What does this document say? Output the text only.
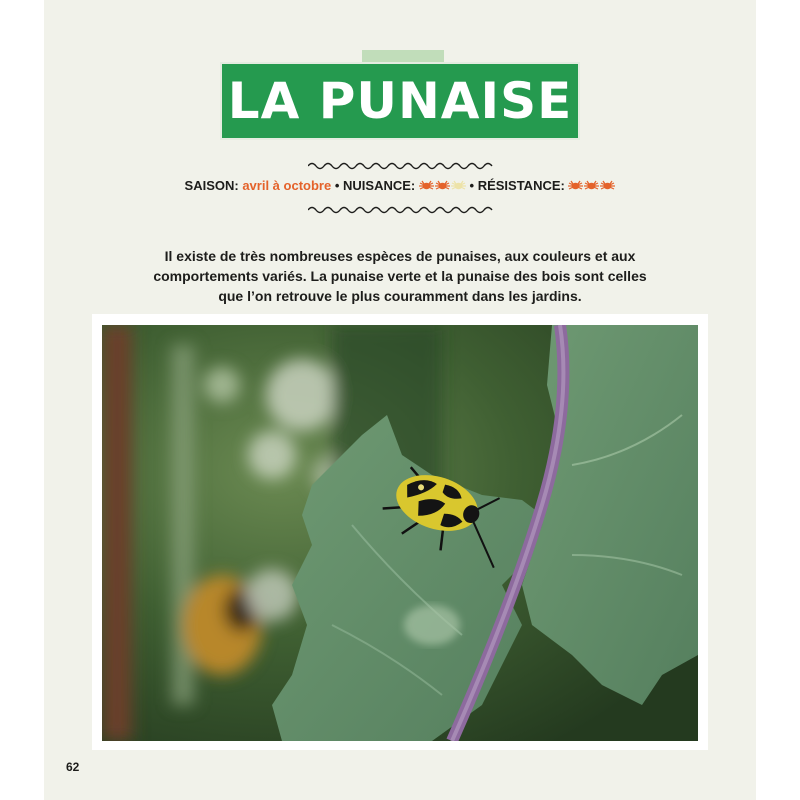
LA PUNAISE
SAISON: avril à octobre • NUISANCE:	• RÉSISTANCE:

Il existe de très nombreuses espèces de punaises, aux couleurs et aux comportements variés. La punaise verte et la punaise des bois sont celles que l’on retrouve le plus couramment dans les jardins.

62
